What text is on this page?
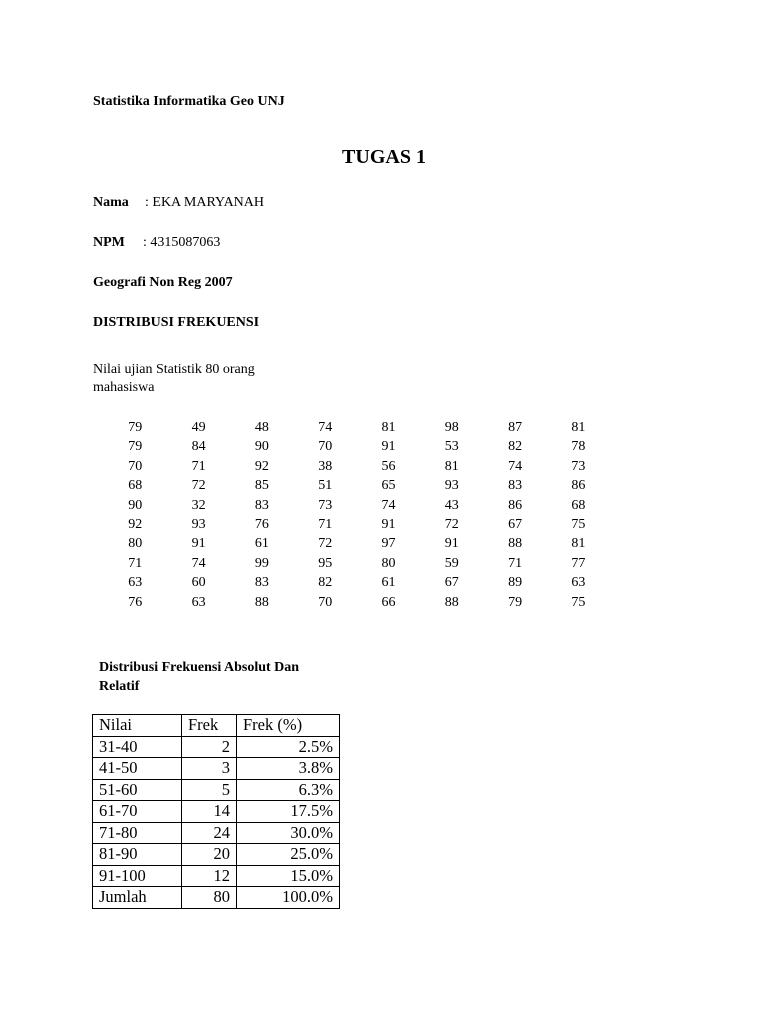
Statistika Informatika Geo UNJ
TUGAS 1
Nama : EKA MARYANAH
NPM : 4315087063
Geografi Non Reg 2007
DISTRIBUSI FREKUENSI
Nilai ujian Statistik 80 orang mahasiswa
79	49	48	74	81	98	87	81
79	84	90	70	91	53	82	78
70	71	92	38	56	81	74	73
68	72	85	51	65	93	83	86
90	32	83	73	74	43	86	68
92	93	76	71	91	72	67	75
80	91	61	72	97	91	88	81
71	74	99	95	80	59	71	77
63	60	83	82	61	67	89	63
76	63	88	70	66	88	79	75
Distribusi Frekuensi Absolut Dan Relatif
Nilai	Frek	Frek (%)
31-40	2	2.5%
41-50	3	3.8%
51-60	5	6.3%
61-70	14	17.5%
71-80	24	30.0%
81-90	20	25.0%
91-100	12	15.0%
Jumlah	80	100.0%
